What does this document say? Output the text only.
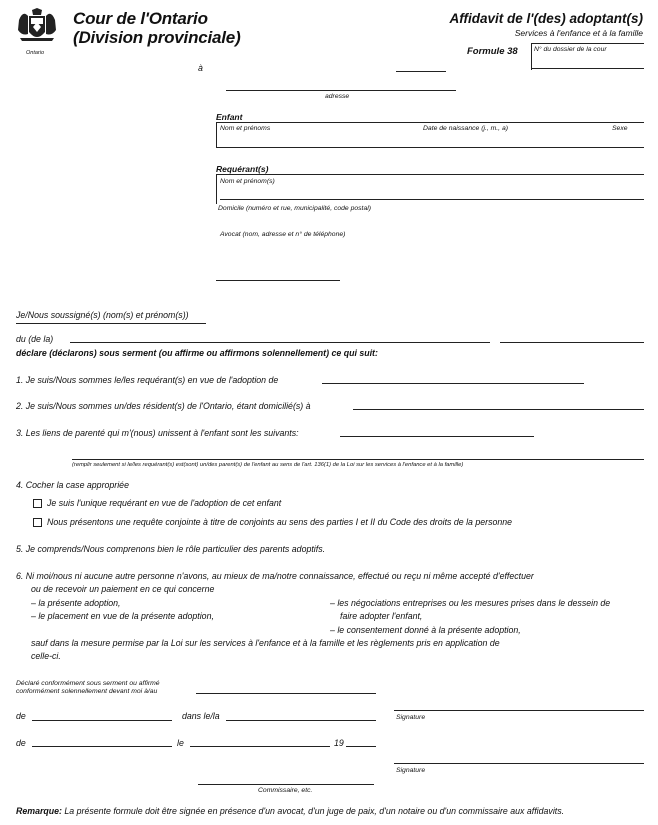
Ontario
Cour de l'Ontario
(Division provinciale)
Affidavit de l'(des) adoptant(s)
Services à l'enfance et à la famille
Formule 38 N° du dossier de la cour
à
adresse
Enfant
Nom et prénoms	Date de naissance (j., m., a)	Sexe
Requérant(s)
Nom et prénom(s)
Domicile (numéro et rue, municipalité, code postal)
Avocat (nom, adresse et n° de téléphone)
Je/Nous soussigné(s) (nom(s) et prénom(s))
du (de la)
déclare (déclarons) sous serment (ou affirme ou affirmons solennellement) ce qui suit:
1. Je suis/Nous sommes le/les requérant(s) en vue de l'adoption de
2. Je suis/Nous sommes un/des résident(s) de l'Ontario, étant domicilié(s) à
3. Les liens de parenté qui m'(nous) unissent à l'enfant sont les suivants:
(remplir seulement si le/les requérant(s) est(sont) un/des parent(s) de l'enfant au sens de l'art. 136(1) de la Loi sur les services à l'enfance et à la famille)
4. Cocher la case appropriée
Je suis l'unique requérant en vue de l'adoption de cet enfant
Nous présentons une requête conjointe à titre de conjoints au sens des parties I et II du Code des droits de la personne
5. Je comprends/Nous comprenons bien le rôle particulier des parents adoptifs.
6. Ni moi/nous ni aucune autre personne n'avons, au mieux de ma/notre connaissance, effectué ou reçu ni même accepté d'effectuer
ou de recevoir un paiement en ce qui concerne
– la présente adoption,
– le placement en vue de la présente adoption,
– les négociations entreprises ou les mesures prises dans le dessein de
faire adopter l'enfant,
– le consentement donné à la présente adoption,
sauf dans la mesure permise par la Loi sur les services à l'enfance et à la famille et les règlements pris en application de
celle-ci.
Déclaré conformément sous serment ou affirmé
conformément solennellement devant moi à/au
de	dans le/la	Signature
de	le	19
Signature
Commissaire, etc.
Remarque: La présente formule doit être signée en présence d'un avocat, d'un juge de paix, d'un notaire ou d'un commissaire aux affidavits.
